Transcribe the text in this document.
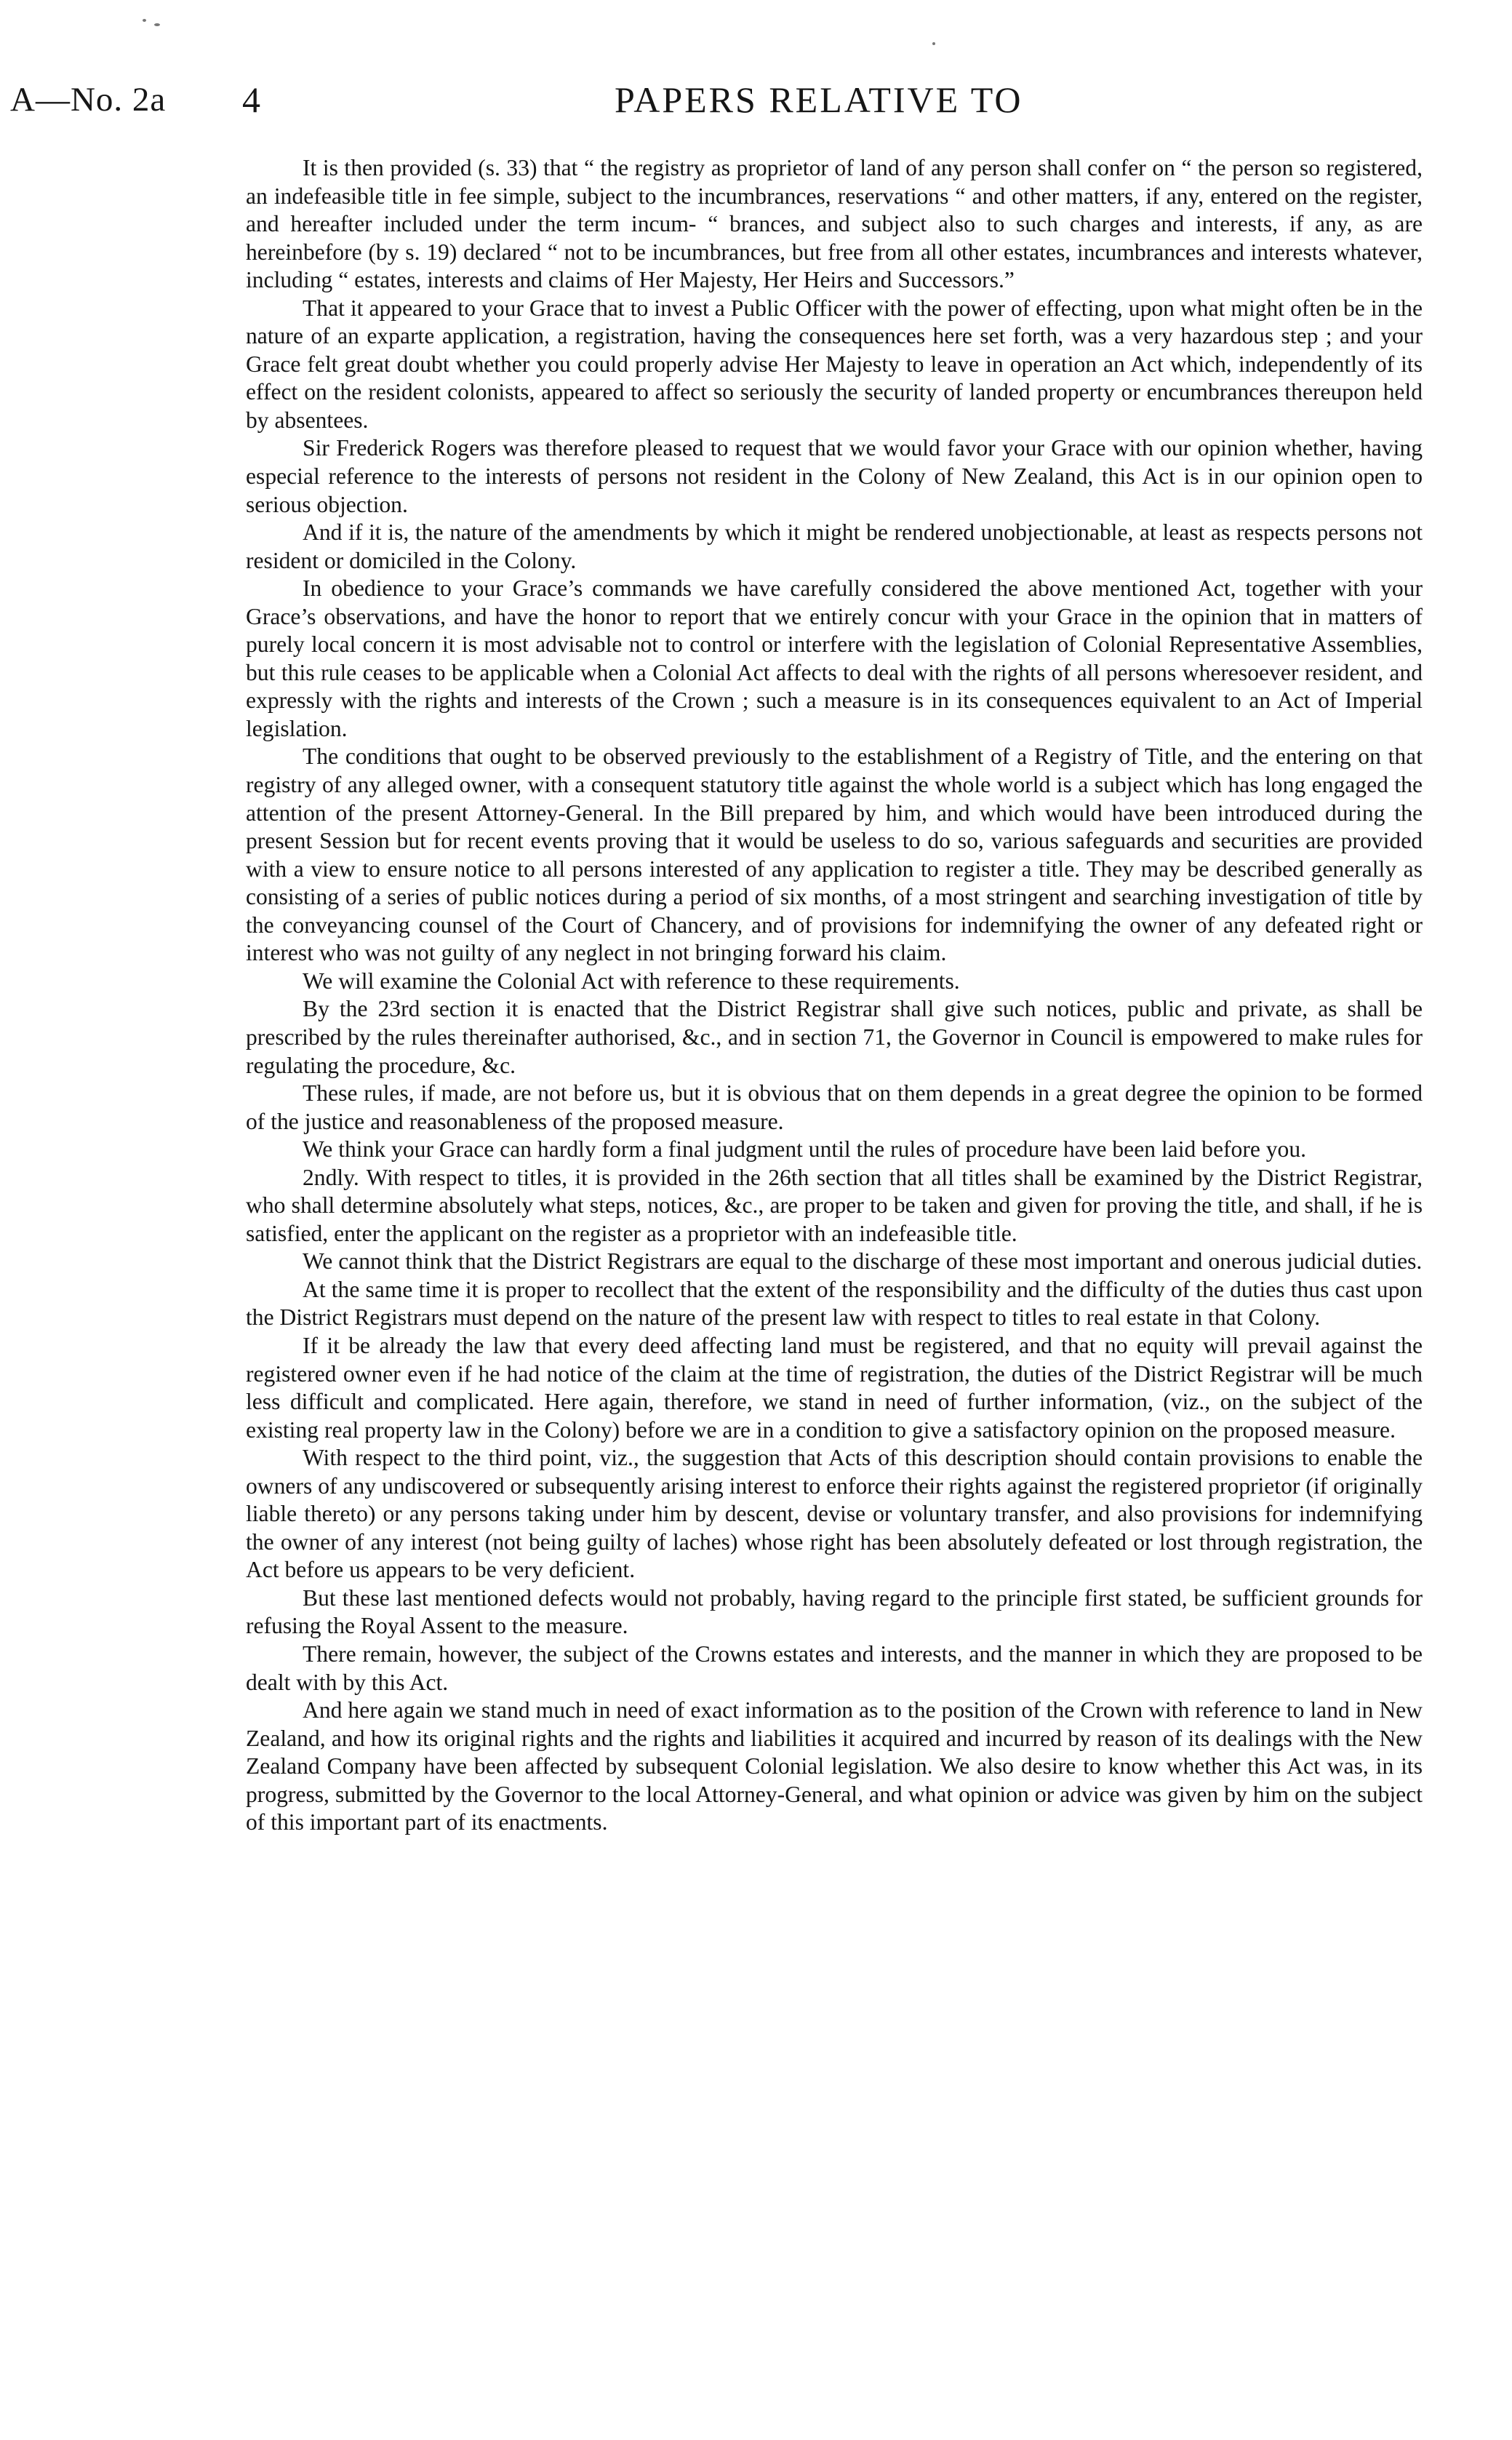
A—No. 2a 4	PAPERS RELATIVE TO

It is then provided (s. 33) that “ the registry as proprietor of land of any person shall confer on “ the person so registered, an indefeasible title in fee simple, subject to the incumbrances, reservations “ and other matters, if any, entered on the register, and hereafter included under the term incum- “ brances, and subject also to such charges and interests, if any, as are hereinbefore (by s. 19) declared “ not to be incumbrances, but free from all other estates, incumbrances and interests whatever, including “ estates, interests and claims of Her Majesty, Her Heirs and Successors.”

That it appeared to your Grace that to invest a Public Officer with the power of effecting, upon what might often be in the nature of an exparte application, a registration, having the consequences here set forth, was a very hazardous step ; and your Grace felt great doubt whether you could properly advise Her Majesty to leave in operation an Act which, independently of its effect on the resident colonists, appeared to affect so seriously the security of landed property or encumbrances thereupon held by absentees.

Sir Frederick Rogers was therefore pleased to request that we would favor your Grace with our opinion whether, having especial reference to the interests of persons not resident in the Colony of New Zealand, this Act is in our opinion open to serious objection.

And if it is, the nature of the amendments by which it might be rendered unobjectionable, at least as respects persons not resident or domiciled in the Colony.

In obedience to your Grace’s commands we have carefully considered the above mentioned Act, together with your Grace’s observations, and have the honor to report that we entirely concur with your Grace in the opinion that in matters of purely local concern it is most advisable not to control or interfere with the legislation of Colonial Representative Assemblies, but this rule ceases to be applicable when a Colonial Act affects to deal with the rights of all persons wheresoever resident, and expressly with the rights and interests of the Crown ; such a measure is in its consequences equivalent to an Act of Imperial legislation.

The conditions that ought to be observed previously to the establishment of a Registry of Title, and the entering on that registry of any alleged owner, with a consequent statutory title against the whole world is a subject which has long engaged the attention of the present Attorney-General. In the Bill prepared by him, and which would have been introduced during the present Session but for recent events proving that it would be useless to do so, various safeguards and securities are provided with a view to ensure notice to all persons interested of any application to register a title. They may be described generally as consisting of a series of public notices during a period of six months, of a most stringent and searching investigation of title by the conveyancing counsel of the Court of Chancery, and of provisions for indemnifying the owner of any defeated right or interest who was not guilty of any neglect in not bringing forward his claim.

We will examine the Colonial Act with reference to these requirements.

By the 23rd section it is enacted that the District Registrar shall give such notices, public and private, as shall be prescribed by the rules thereinafter authorised, &c., and in section 71, the Governor in Council is empowered to make rules for regulating the procedure, &c.

These rules, if made, are not before us, but it is obvious that on them depends in a great degree the opinion to be formed of the justice and reasonableness of the proposed measure.

We think your Grace can hardly form a final judgment until the rules of procedure have been laid before you.

2ndly. With respect to titles, it is provided in the 26th section that all titles shall be examined by the District Registrar, who shall determine absolutely what steps, notices, &c., are proper to be taken and given for proving the title, and shall, if he is satisfied, enter the applicant on the register as a proprietor with an indefeasible title.

We cannot think that the District Registrars are equal to the discharge of these most important and onerous judicial duties.

At the same time it is proper to recollect that the extent of the responsibility and the difficulty of the duties thus cast upon the District Registrars must depend on the nature of the present law with respect to titles to real estate in that Colony.

If it be already the law that every deed affecting land must be registered, and that no equity will prevail against the registered owner even if he had notice of the claim at the time of registration, the duties of the District Registrar will be much less difficult and complicated. Here again, therefore, we stand in need of further information, (viz., on the subject of the existing real property law in the Colony) before we are in a condition to give a satisfactory opinion on the proposed measure.

With respect to the third point, viz., the suggestion that Acts of this description should contain provisions to enable the owners of any undiscovered or subsequently arising interest to enforce their rights against the registered proprietor (if originally liable thereto) or any persons taking under him by descent, devise or voluntary transfer, and also provisions for indemnifying the owner of any interest (not being guilty of laches) whose right has been absolutely defeated or lost through registration, the Act before us appears to be very deficient.

But these last mentioned defects would not probably, having regard to the principle first stated, be sufficient grounds for refusing the Royal Assent to the measure.

There remain, however, the subject of the Crowns estates and interests, and the manner in which they are proposed to be dealt with by this Act.

And here again we stand much in need of exact information as to the position of the Crown with reference to land in New Zealand, and how its original rights and the rights and liabilities it acquired and incurred by reason of its dealings with the New Zealand Company have been affected by subsequent Colonial legislation. We also desire to know whether this Act was, in its progress, submitted by the Governor to the local Attorney-General, and what opinion or advice was given by him on the subject of this important part of its enactments.
